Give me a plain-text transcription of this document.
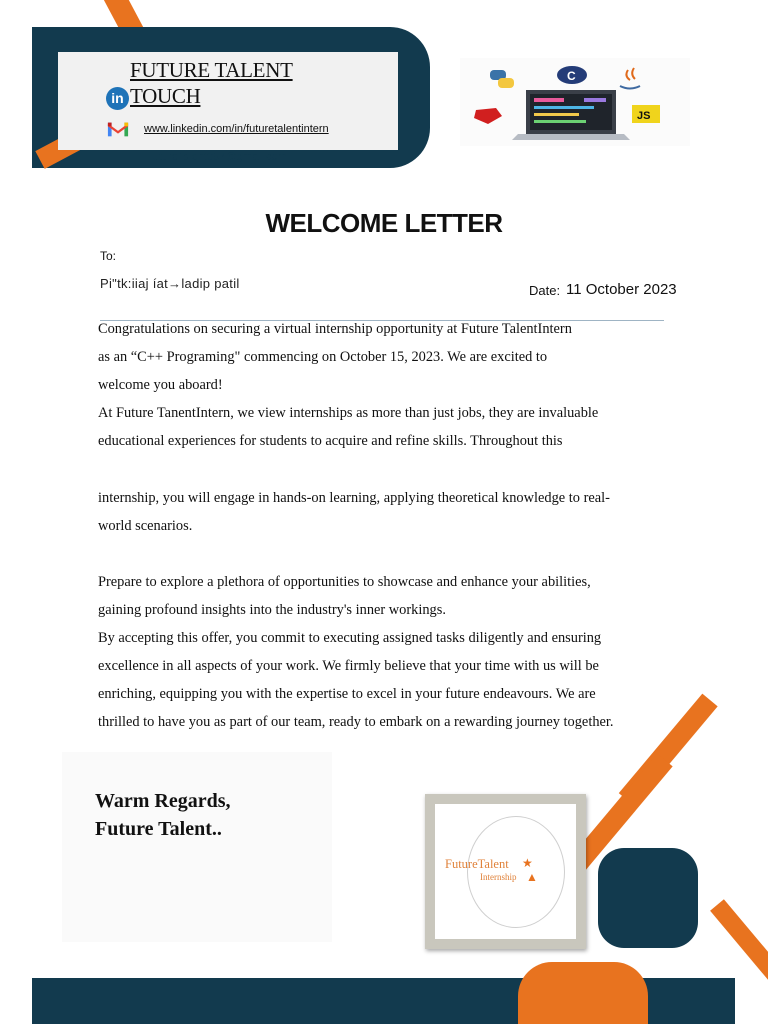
FUTURE TALENT
TOUCH
in
www.linkedin.com/in/futuretalentintern
FutureTalent097@gmail.com
C
JS
WELCOME LETTER
To:
Pi"tk:iiaj íat→ladip patil	Date: 11 October 2023
Congratulations on securing a virtual internship opportunity at Future TalentIntern
as an “C++ Programing" commencing on October 15, 2023. We are excited to
welcome you aboard!
At Future TanentIntern, we view internships as more than just jobs, they are invaluable
educational experiences for students to acquire and refine skills. Throughout this
internship, you will engage in hands-on learning, applying theoretical knowledge to real-
world scenarios.
Prepare to explore a plethora of opportunities to showcase and enhance your abilities,
gaining profound insights into the industry's inner workings.
By accepting this offer, you commit to executing assigned tasks diligently and ensuring
excellence in all aspects of your work. We firmly believe that your time with us will be
enriching, equipping you with the expertise to excel in your future endeavours. We are
thrilled to have you as part of our team, ready to embark on a rewarding journey together.
Warm Regards,
Future Talent..
FutureTalent
Internship
★
▲
